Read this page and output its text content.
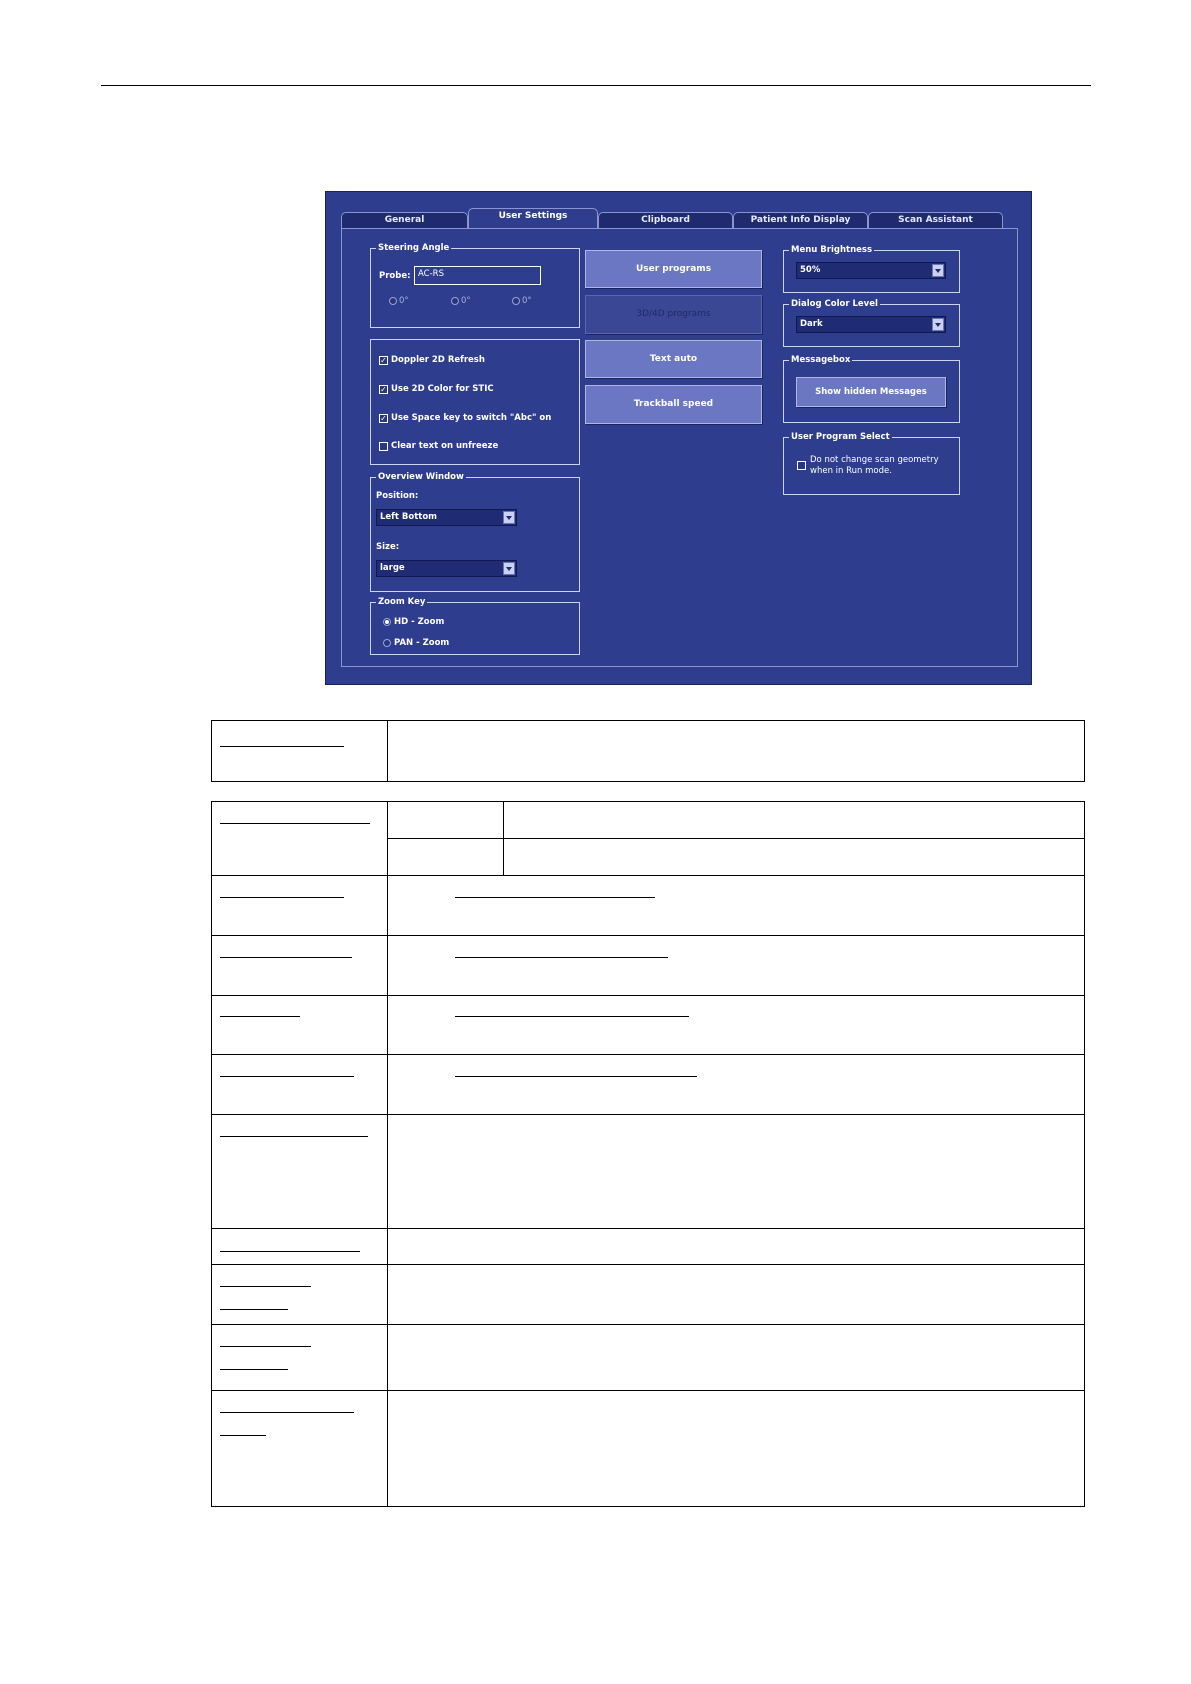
General	User Settings	Clipboard	Patient Info Display	Scan Assistant
Steering Angle
Probe: AC-RS
0°	0°	0°
✓ Doppler 2D Refresh
✓ Use 2D Color for STIC
✓ Use Space key to switch "Abc" on
Clear text on unfreeze
Overview Window
Position:
Left Bottom
Size:
large
Zoom Key
HD - Zoom
PAN - Zoom
User programs
3D/4D programs
Text auto
Trackball speed
Menu Brightness
50%
Dialog Color Level
Dark
Messagebox
Show hidden Messages
User Program Select
Do not change scan geometry
when in Run mode.
